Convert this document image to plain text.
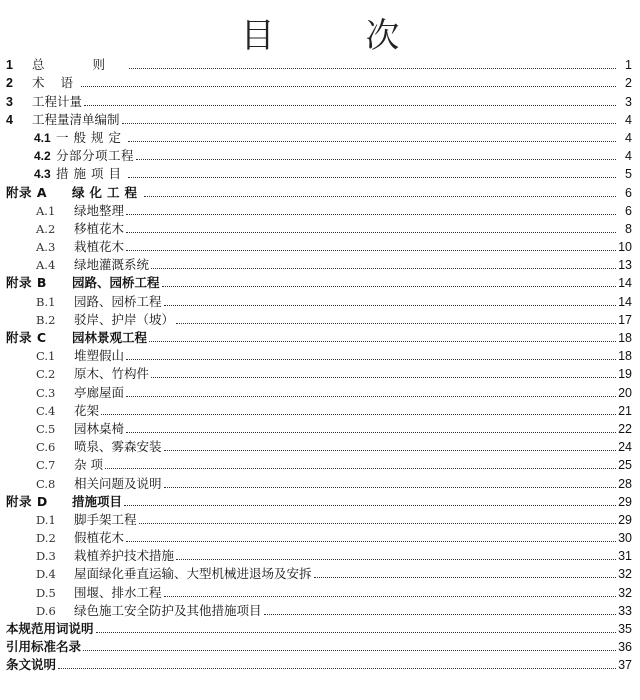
目 次
1	总 则	1
2	术 语	2
3	工程计量	3
4	工程量清单编制	4
4.1 一般规定	4
4.2 分部分项工程	4
4.3 措施项目	5
附录 A	绿化工程	6
A.1	绿地整理	6
A.2	移植花木	8
A.3	栽植花木	10
A.4	绿地灌溉系统	13
附录 B	园路、园桥工程	14
B.1	园路、园桥工程	14
B.2	驳岸、护岸（坡）	17
附录 C	园林景观工程	18
C.1	堆塑假山	18
C.2	原木、竹构件	19
C.3	亭廊屋面	20
C.4	花架	21
C.5	园林桌椅	22
C.6	喷泉、雾森安装	24
C.7	杂 项	25
C.8	相关问题及说明	28
附录 D	措施项目	29
D.1	脚手架工程	29
D.2	假植花木	30
D.3	栽植养护技术措施	31
D.4	屋面绿化垂直运输、大型机械进退场及安拆	32
D.5	围堰、排水工程	32
D.6	绿色施工安全防护及其他措施项目	33
本规范用词说明	35
引用标准名录	36
条文说明	37
